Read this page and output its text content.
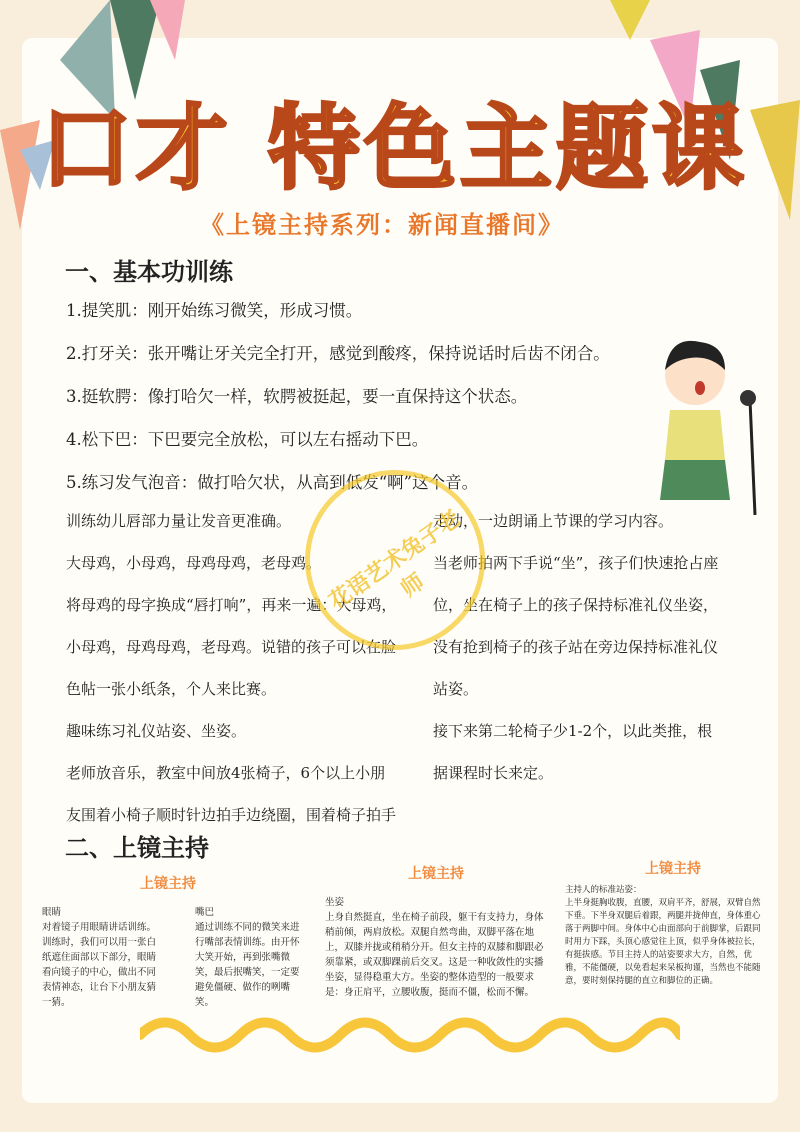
口才 特色主题课
《上镜主持系列：新闻直播间》
一、基本功训练
1.提笑肌：刚开始练习微笑，形成习惯。
2.打牙关：张开嘴让牙关完全打开，感觉到酸疼，保持说话时后齿不闭合。
3.挺软腭：像打哈欠一样，软腭被挺起，要一直保持这个状态。
4.松下巴：下巴要完全放松，可以左右摇动下巴。
5.练习发气泡音：做打哈欠状，从高到低发“啊”这个音。
训练幼儿唇部力量让发音更准确。
大母鸡，小母鸡，母鸡母鸡，老母鸡。
将母鸡的母字换成“唇打响”，再来一遍：大母鸡，
小母鸡，母鸡母鸡，老母鸡。说错的孩子可以在脸
色帖一张小纸条，个人来比赛。
趣味练习礼仪站姿、坐姿。
老师放音乐，教室中间放4张椅子，6个以上小朋
友围着小椅子顺时针边拍手边绕圈，围着椅子拍手
走动，一边朗诵上节课的学习内容。
当老师拍两下手说“坐”，孩子们快速抢占座
位，坐在椅子上的孩子保持标准礼仪坐姿，
没有抢到椅子的孩子站在旁边保持标准礼仪
站姿。
接下来第二轮椅子少1-2个，以此类推，根
据课程时长来定。
花语艺术兔子老师
二、上镜主持
上镜主持
上镜主持	上镜主持
眼睛
对着镜子用眼睛讲话训练。训练时，我们可以用一张白纸遮住面部以下部分，眼睛看向镜子的中心，做出不同表情神态，让台下小朋友猜一猜。
嘴巴
通过训练不同的微笑来进行嘴部表情训练。由开怀大笑开始，再到张嘴微笑，最后抿嘴笑，一定要避免僵硬、做作的咧嘴笑。
坐姿
上身自然挺直，坐在椅子前段，躯干有支持力，身体稍前倾，两肩放松。双腿自然弯曲，双脚平落在地上，双膝并拢或稍稍分开。但女主持的双膝和脚跟必须靠紧，或双脚踝前后交叉。这是一种收敛性的实播坐姿，显得稳重大方。坐姿的整体造型的一般要求是：身正肩平，立腰收腹，挺而不僵，松而不懈。
主持人的标准站姿：
上半身挺胸收腹，直腰，双肩平齐，舒展，双臂自然下垂。下半身双腿后着跟，两腿并拢伸直，身体重心落于两脚中间。身体中心由面部向于前脚掌，后跟同时用力下踩，头顶心感觉往上顶，似乎身体被拉长，有挺拔感。节目主持人的站姿要求大方，自然，优雅，不能僵硬，以免看起来呆板拘谨，当然也不能随意，要时刻保持腿的直立和脚位的正确。
